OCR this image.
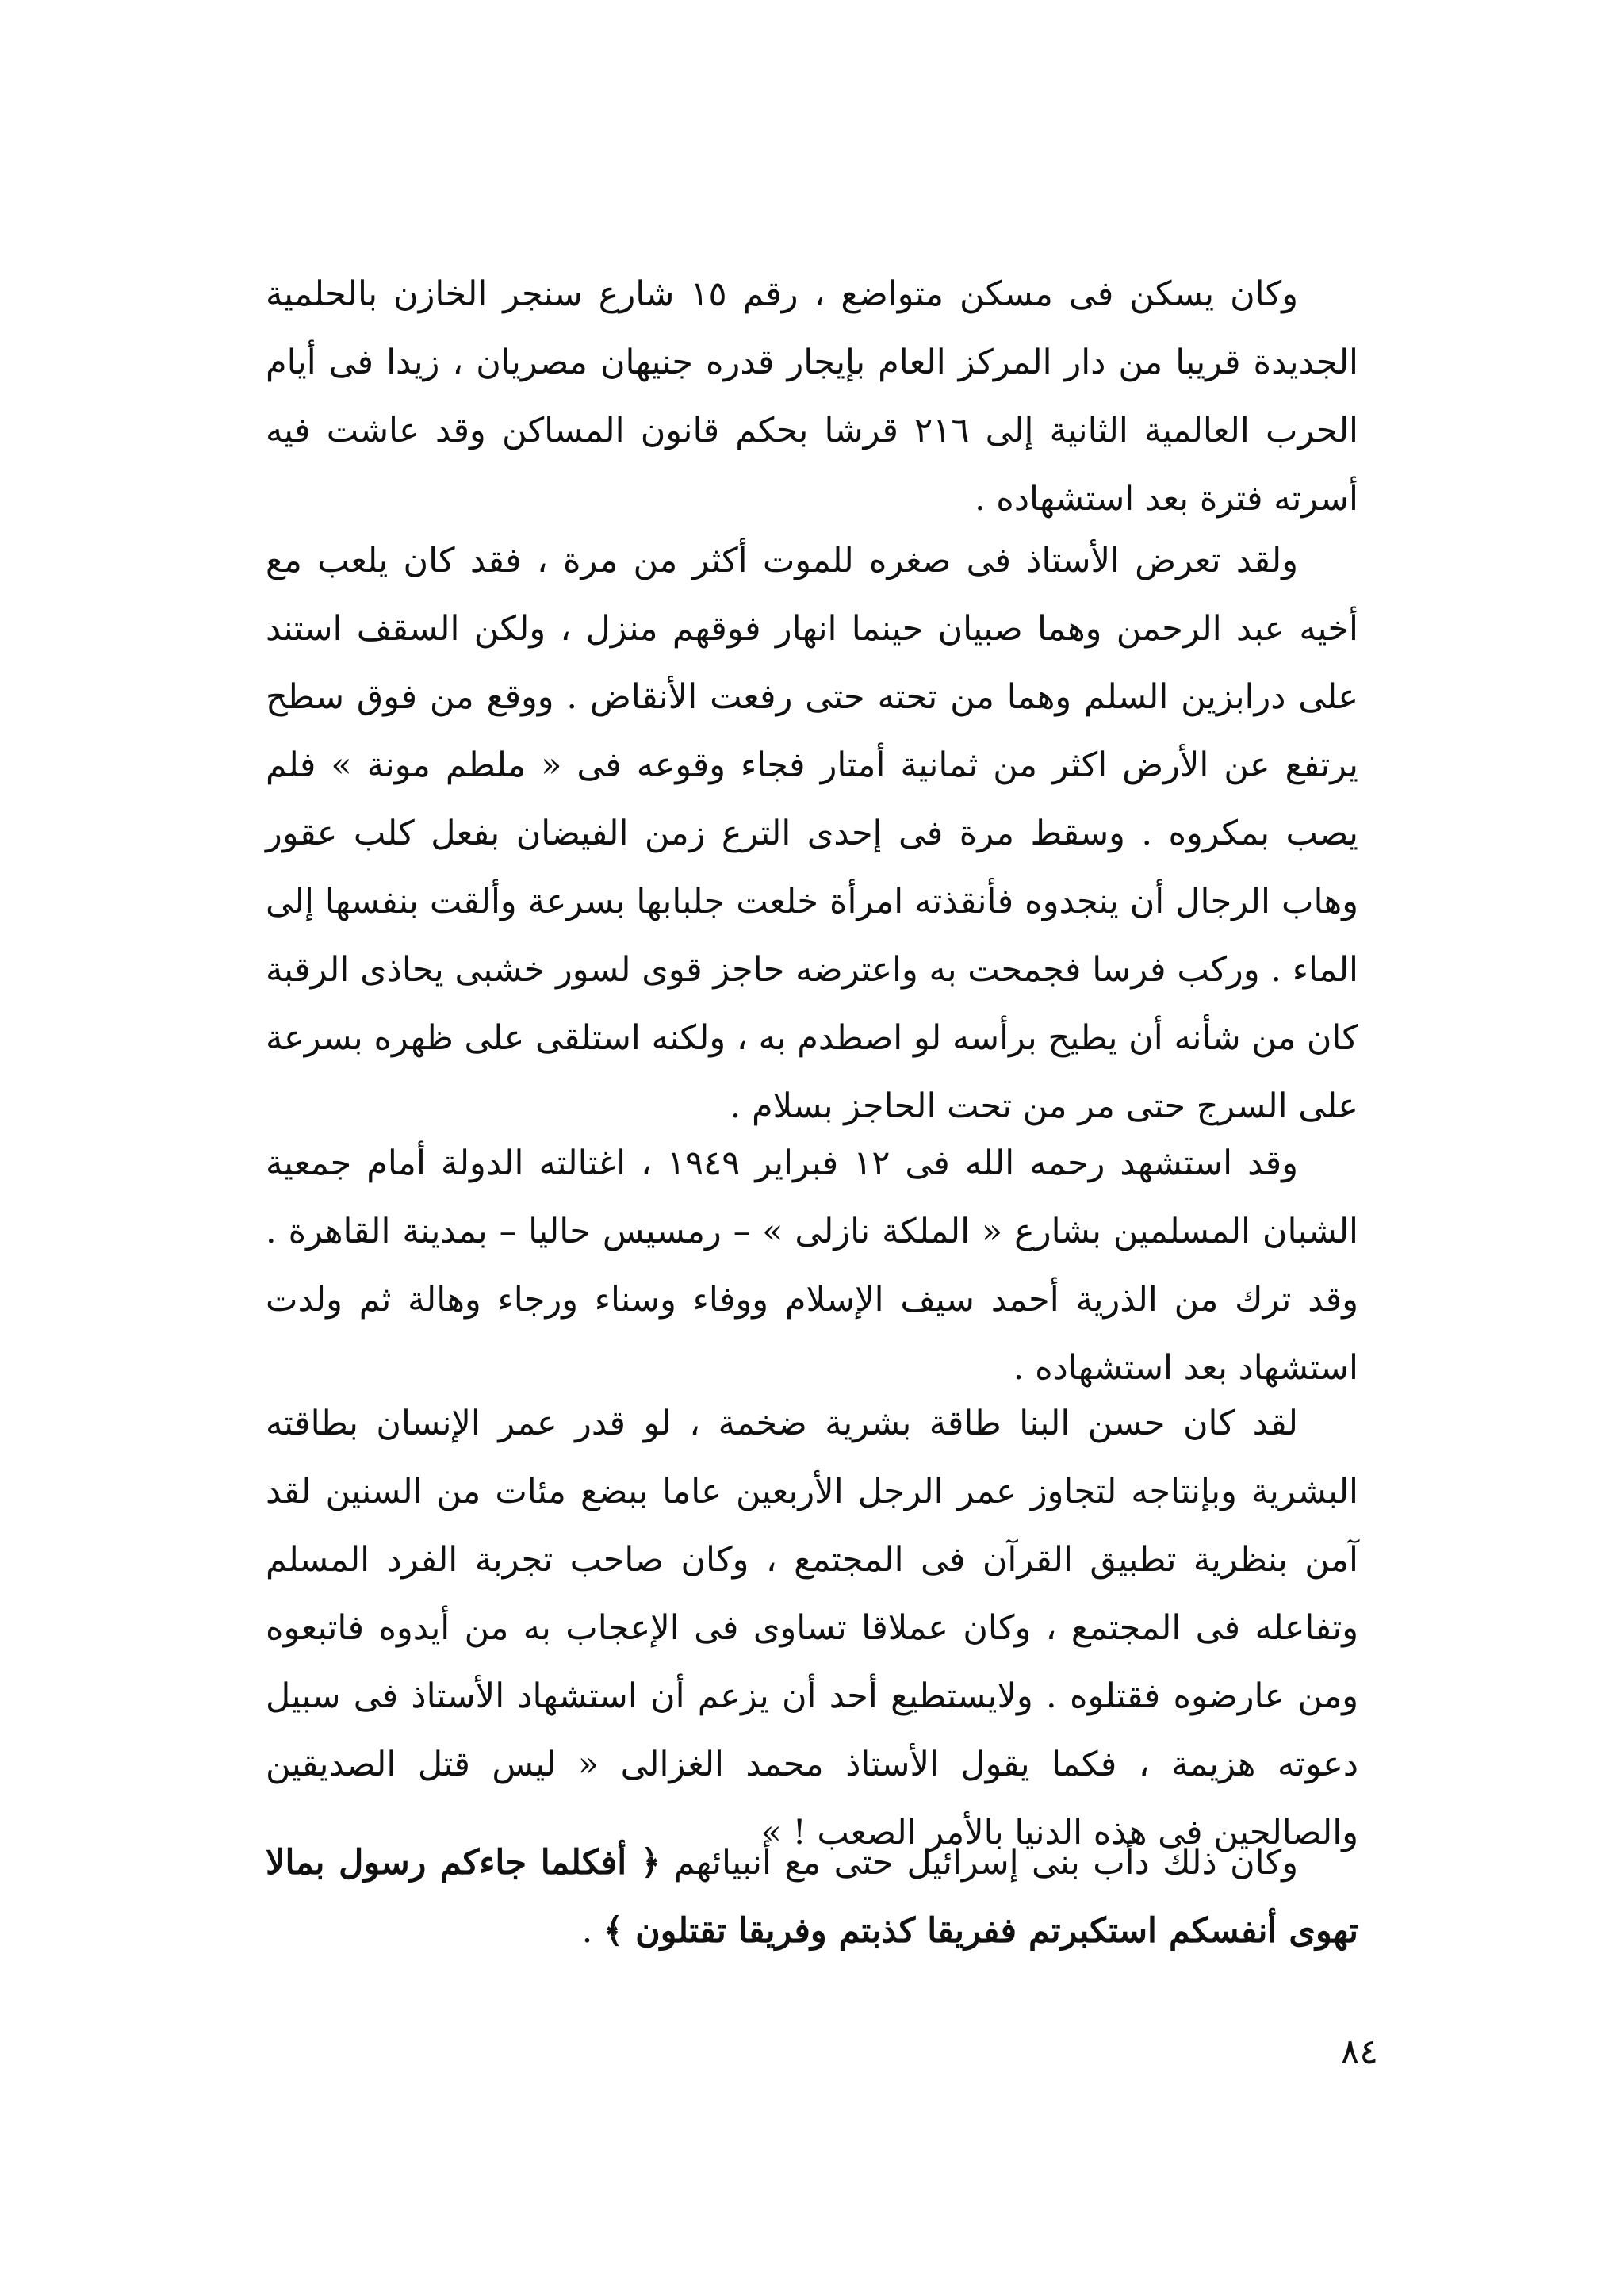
وكان يسكن فى مسكن متواضع ، رقم ١٥ شارع سنجر الخازن بالحلمية الجديدة قريبا من دار المركز العام بإيجار قدره جنيهان مصريان ، زيدا فى أيام الحرب العالمية الثانية إلى ٢١٦ قرشا بحكم قانون المساكن وقد عاشت فيه أسرته فترة بعد استشهاده .

ولقد تعرض الأستاذ فى صغره للموت أكثر من مرة ، فقد كان يلعب مع أخيه عبد الرحمن وهما صبيان حينما انهار فوقهم منزل ، ولكن السقف استند على درابزين السلم وهما من تحته حتى رفعت الأنقاض . ووقع من فوق سطح يرتفع عن الأرض اكثر من ثمانية أمتار فجاء وقوعه فى « ملطم مونة » فلم يصب بمكروه . وسقط مرة فى إحدى الترع زمن الفيضان بفعل كلب عقور وهاب الرجال أن ينجدوه فأنقذته امرأة خلعت جلبابها بسرعة وألقت بنفسها إلى الماء . وركب فرسا فجمحت به واعترضه حاجز قوى لسور خشبى يحاذى الرقبة كان من شأنه أن يطيح برأسه لو اصطدم به ، ولكنه استلقى على ظهره بسرعة على السرج حتى مر من تحت الحاجز بسلام .

وقد استشهد رحمه الله فى ١٢ فبراير ١٩٤٩ ، اغتالته الدولة أمام جمعية الشبان المسلمين بشارع « الملكة نازلى » – رمسيس حاليا – بمدينة القاهرة . وقد ترك من الذرية أحمد سيف الإسلام ووفاء وسناء ورجاء وهالة ثم ولدت استشهاد بعد استشهاده .

لقد كان حسن البنا طاقة بشرية ضخمة ، لو قدر عمر الإنسان بطاقته البشرية وبإنتاجه لتجاوز عمر الرجل الأربعين عاما ببضع مئات من السنين لقد آمن بنظرية تطبيق القرآن فى المجتمع ، وكان صاحب تجربة الفرد المسلم وتفاعله فى المجتمع ، وكان عملاقا تساوى فى الإعجاب به من أيدوه فاتبعوه ومن عارضوه فقتلوه . ولايستطيع أحد أن يزعم أن استشهاد الأستاذ فى سبيل دعوته هزيمة ، فكما يقول الأستاذ محمد الغزالى « ليس قتل الصديقين والصالحين فى هذه الدنيا بالأمر الصعب ! »

وكان ذلك دأب بنى إسرائيل حتى مع أنبيائهم ﴿ أفكلما جاءكم رسول بمالا تهوى أنفسكم استكبرتم ففريقا كذبتم وفريقا تقتلون ﴾ .

٨٤
